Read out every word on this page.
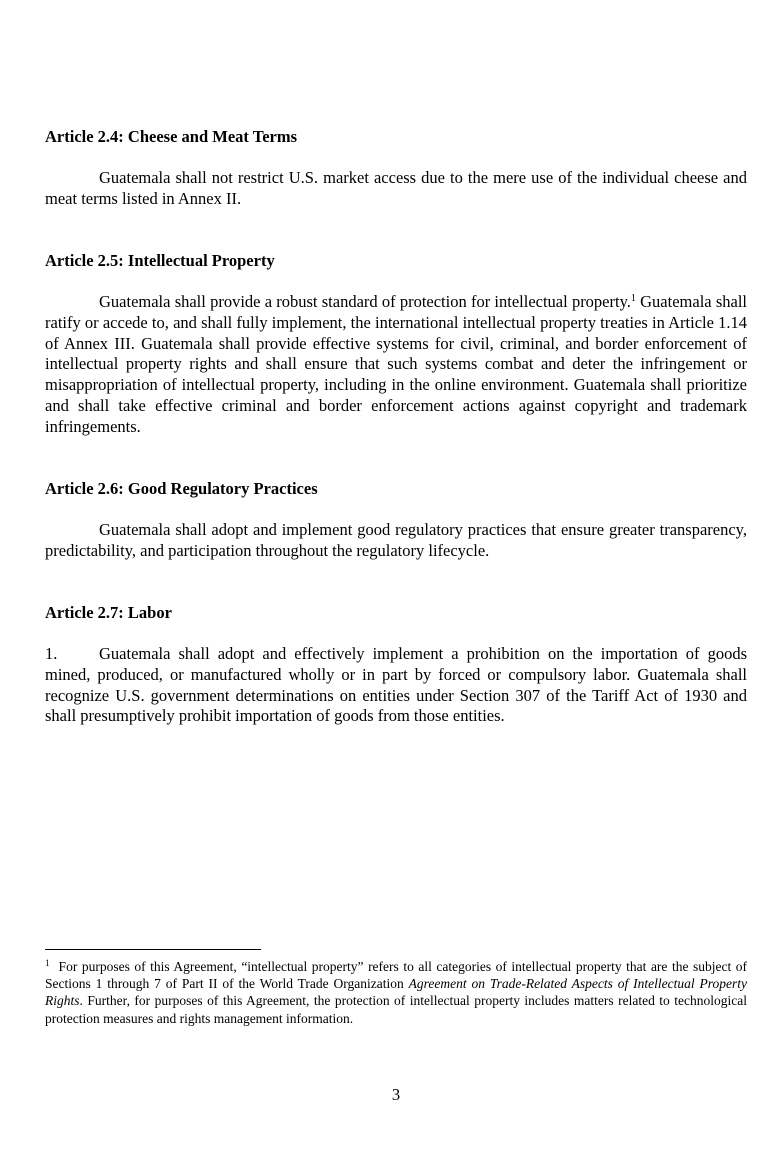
Article 2.4: Cheese and Meat Terms
Guatemala shall not restrict U.S. market access due to the mere use of the individual cheese and meat terms listed in Annex II.
Article 2.5: Intellectual Property
Guatemala shall provide a robust standard of protection for intellectual property.$^1$ Guatemala shall ratify or accede to, and shall fully implement, the international intellectual property treaties in Article 1.14 of Annex III. Guatemala shall provide effective systems for civil, criminal, and border enforcement of intellectual property rights and shall ensure that such systems combat and deter the infringement or misappropriation of intellectual property, including in the online environment. Guatemala shall prioritize and shall take effective criminal and border enforcement actions against copyright and trademark infringements.
Article 2.6: Good Regulatory Practices
Guatemala shall adopt and implement good regulatory practices that ensure greater transparency, predictability, and participation throughout the regulatory lifecycle.
Article 2.7: Labor
1.	Guatemala shall adopt and effectively implement a prohibition on the importation of goods mined, produced, or manufactured wholly or in part by forced or compulsory labor. Guatemala shall recognize U.S. government determinations on entities under Section 307 of the Tariff Act of 1930 and shall presumptively prohibit importation of goods from those entities.
$^1$  For purposes of this Agreement, “intellectual property” refers to all categories of intellectual property that are the subject of Sections 1 through 7 of Part II of the World Trade Organization Agreement on Trade-Related Aspects of Intellectual Property Rights. Further, for purposes of this Agreement, the protection of intellectual property includes matters related to technological protection measures and rights management information.
3
